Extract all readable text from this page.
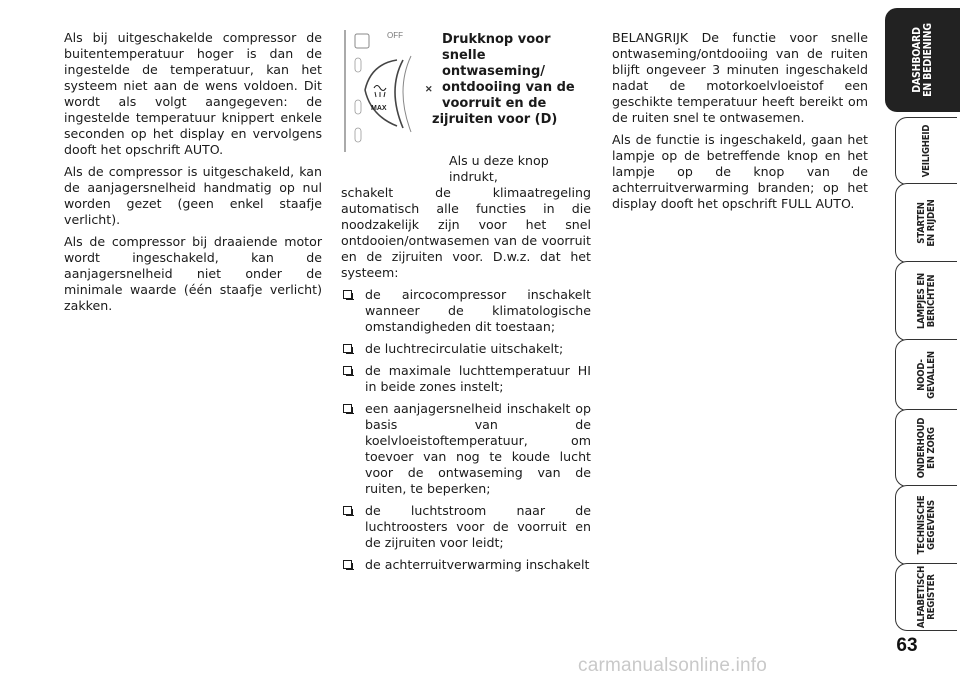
Als bij uitgeschakelde compressor de buitentemperatuur hoger is dan de ingestelde de temperatuur, kan het systeem niet aan de wens voldoen. Dit wordt als volgt aangegeven: de ingestelde temperatuur knippert enkele seconden op het display en vervolgens dooft het opschrift AUTO.

Als de compressor is uitgeschakeld, kan de aanjagersnelheid handmatig op nul worden gezet (geen enkel staafje verlicht).

Als de compressor bij draaiende motor wordt ingeschakeld, kan de aanjagersnelheid niet onder de minimale waarde (één staafje verlicht) zakken.

OFF
MAX
✕
Drukknop voor
snelle ontwaseming/
ontdooiing van de
voorruit en de
zijruiten voor (D)

Als u deze knop indrukt,
schakelt de klimaatregeling automatisch alle functies in die noodzakelijk zijn voor het snel ontdooien/ontwasemen van de voorruit en de zijruiten voor. D.w.z. dat het systeem:

de aircocompressor inschakelt wanneer de klimatologische omstandigheden dit toestaan;
de luchtrecirculatie uitschakelt;
de maximale luchttemperatuur HI in beide zones instelt;
een aanjagersnelheid inschakelt op basis van de koelvloeistoftemperatuur, om toevoer van nog te koude lucht voor de ontwaseming van de ruiten, te beperken;
de luchtstroom naar de luchtroosters voor de voorruit en de zijruiten voor leidt;
de achterruitverwarming inschakelt

BELANGRIJK De functie voor snelle ontwaseming/ontdooiing van de ruiten blijft ongeveer 3 minuten ingeschakeld nadat de motorkoelvloeistof een geschikte temperatuur heeft bereikt om de ruiten snel te ontwasemen.

Als de functie is ingeschakeld, gaan het lampje op de betreffende knop en het lampje op de knop van de achterruitverwarming branden; op het display dooft het opschrift FULL AUTO.

DASHBOARD
EN BEDIENING
VEILIGHEID
STARTEN
EN RIJDEN
LAMPJES EN
BERICHTEN
NOOD-
GEVALLEN
ONDERHOUD
EN ZORG
TECHNISCHE
GEGEVENS
ALFABETISCH
REGISTER
63
carmanualsonline.info
